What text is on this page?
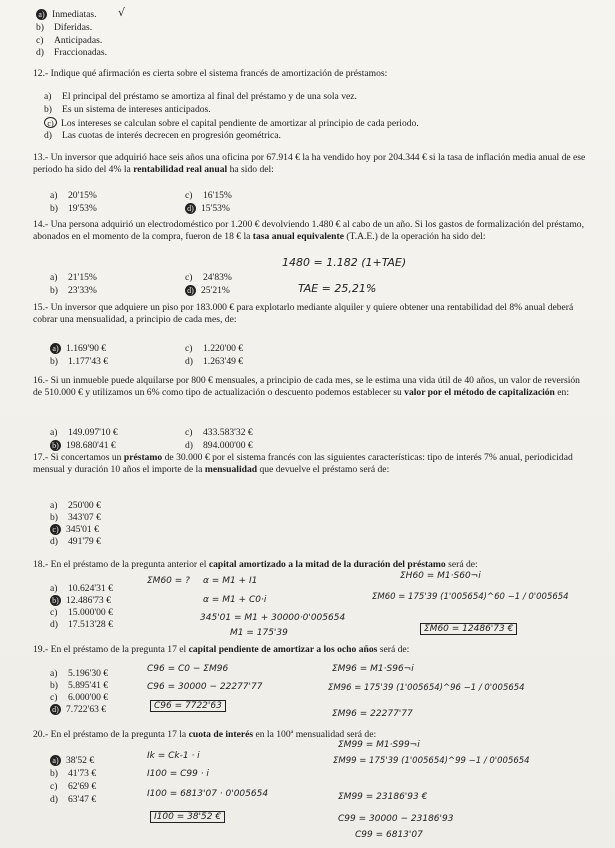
a) Inmediatas. √
b) Diferidas.
c) Anticipadas.
d) Fraccionadas.
12.- Indique qué afirmación es cierta sobre el sistema francés de amortización de préstamos:
a) El principal del préstamo se amortiza al final del préstamo y de una sola vez.
b) Es un sistema de intereses anticipados.
c) Los intereses se calculan sobre el capital pendiente de amortizar al principio de cada periodo.
d) Las cuotas de interés decrecen en progresión geométrica.
13.- Un inversor que adquirió hace seis años una oficina por 67.914 € la ha vendido hoy por 204.344 € si la tasa de inflación media anual de ese periodo ha sido del 4% la rentabilidad real anual ha sido del:
a) 20'15%
b) 19'53%
c) 16'15%
d) 15'53%
14.- Una persona adquirió un electrodoméstico por 1.200 € devolviendo 1.480 € al cabo de un año. Si los gastos de formalización del préstamo, abonados en el momento de la compra, fueron de 18 € la tasa anual equivalente (T.A.E.) de la operación ha sido del:
a) 21'15%
b) 23'33%
c) 24'83%
d) 25'21%
1480 = 1.182 (1+TAE)
TAE = 25,21%
15.- Un inversor que adquiere un piso por 183.000 € para explotarlo mediante alquiler y quiere obtener una rentabilidad del 8% anual deberá cobrar una mensualidad, a principio de cada mes, de:
a) 1.169'90 €
b) 1.177'43 €
c) 1.220'00 €
d) 1.263'49 €
16.- Si un inmueble puede alquilarse por 800 € mensuales, a principio de cada mes, se le estima una vida útil de 40 años, un valor de reversión de 510.000 € y utilizamos un 6% como tipo de actualización o descuento podemos establecer su valor por el método de capitalización en:
a) 149.097'10 €
b) 198.680'41 €
c) 433.583'32 €
d) 894.000'00 €
17.- Si concertamos un préstamo de 30.000 € por el sistema francés con las siguientes características: tipo de interés 7% anual, periodicidad mensual y duración 10 años el importe de la mensualidad que devuelve el préstamo será de:
a) 250'00 €
b) 343'07 €
c) 345'01 €
d) 491'79 €
18.- En el préstamo de la pregunta anterior el capital amortizado a la mitad de la duración del préstamo será de:
a) 10.624'31 €
b) 12.486'73 €
c) 15.000'00 €
d) 17.513'28 €
ΣM60 = ? α = M1 + I1
α = M1 + C0·i
345'01 = M1 + 30000·0'005654
M1 = 175'39
ΣH60 = M1·S60¬i
ΣM60 = 175'39 (1'005654)^60 −1 / 0'005654
ΣM60 = 12486'73 €
19.- En el préstamo de la pregunta 17 el capital pendiente de amortizar a los ocho años será de:
a) 5.196'30 €
b) 5.895'41 €
c) 6.000'00 €
d) 7.722'63 €
C96 = C0 − ΣM96
C96 = 30000 − 22277'77
C96 = 7722'63
ΣM96 = M1·S96¬i
ΣM96 = 175'39 (1'005654)^96 −1 / 0'005654
ΣM96 = 22277'77
20.- En el préstamo de la pregunta 17 la cuota de interés en la 100ª mensualidad será de:
a) 38'52 €
b) 41'73 €
c) 62'69 €
d) 63'47 €
Ik = Ck-1 · i
I100 = C99 · i
I100 = 6813'07 · 0'005654
I100 = 38'52 €
ΣM99 = M1·S99¬i
ΣM99 = 175'39 (1'005654)^99 −1 / 0'005654
ΣM99 = 23186'93 €
C99 = 30000 − 23186'93
C99 = 6813'07
